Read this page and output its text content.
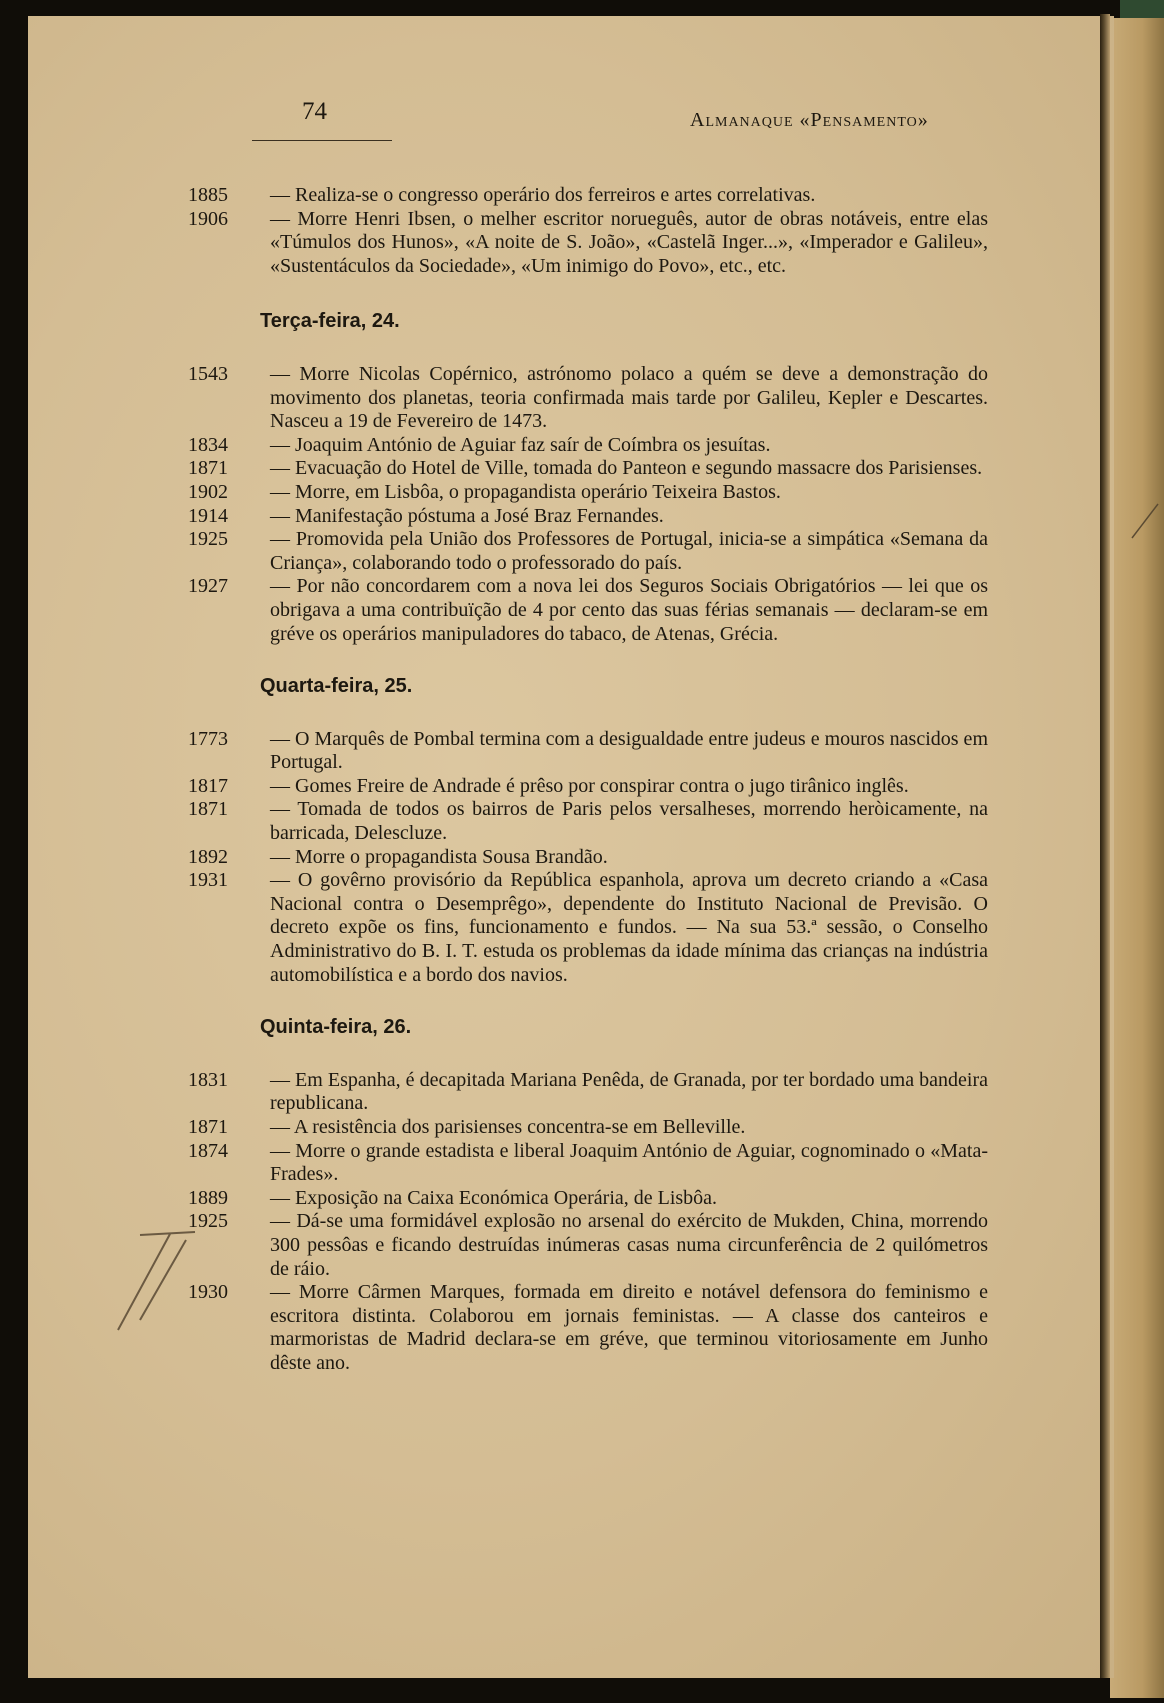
74	Almanaque «Pensamento»

1885	— Realiza-se o congresso operário dos ferreiros e artes correlativas.

1906	— Morre Henri Ibsen, o melher escritor norueguês, autor de obras notáveis, entre elas «Túmulos dos Hunos», «A noite de S. João», «Castelã Inger...», «Imperador e Galileu», «Sustentáculos da Sociedade», «Um inimigo do Povo», etc., etc.

Terça-feira, 24.

1543	— Morre Nicolas Copérnico, astrónomo polaco a quém se deve a demonstração do movimento dos planetas, teoria confirmada mais tarde por Galileu, Kepler e Descartes. Nasceu a 19 de Fevereiro de 1473.

1834	— Joaquim António de Aguiar faz saír de Coímbra os jesuítas.

1871	— Evacuação do Hotel de Ville, tomada do Panteon e segundo massacre dos Parisienses.

1902	— Morre, em Lisbôa, o propagandista operário Teixeira Bastos.

1914	— Manifestação póstuma a José Braz Fernandes.

1925	— Promovida pela União dos Professores de Portugal, inicia-se a simpática «Semana da Criança», colaborando todo o professorado do país.

1927	— Por não concordarem com a nova lei dos Seguros Sociais Obrigatórios — lei que os obrigava a uma contribuïção de 4 por cento das suas férias semanais — declaram-se em gréve os operários manipuladores do tabaco, de Atenas, Grécia.

Quarta-feira, 25.

1773	— O Marquês de Pombal termina com a desigualdade entre judeus e mouros nascidos em Portugal.

1817	— Gomes Freire de Andrade é prêso por conspirar contra o jugo tirânico inglês.

1871	— Tomada de todos os bairros de Paris pelos versalheses, morrendo heròicamente, na barricada, Delescluze.

1892	— Morre o propagandista Sousa Brandão.

1931	— O govêrno provisório da República espanhola, aprova um decreto criando a «Casa Nacional contra o Desemprêgo», dependente do Instituto Nacional de Previsão. O decreto expõe os fins, funcionamento e fundos. — Na sua 53.ª sessão, o Conselho Administrativo do B. I. T. estuda os problemas da idade mínima das crianças na indústria automobilística e a bordo dos navios.

Quinta-feira, 26.

1831	— Em Espanha, é decapitada Mariana Penêda, de Granada, por ter bordado uma bandeira republicana.

1871	— A resistência dos parisienses concentra-se em Belleville.

1874	— Morre o grande estadista e liberal Joaquim António de Aguiar, cognominado o «Mata-Frades».

1889	— Exposição na Caixa Económica Operária, de Lisbôa.

1925	— Dá-se uma formidável explosão no arsenal do exército de Mukden, China, morrendo 300 pessôas e ficando destruídas inúmeras casas numa circunferência de 2 quilómetros de ráio.

1930	— Morre Cârmen Marques, formada em direito e notável defensora do feminismo e escritora distinta. Colaborou em jornais feministas. — A classe dos canteiros e marmoristas de Madrid declara-se em gréve, que terminou vitoriosamente em Junho dêste ano.
